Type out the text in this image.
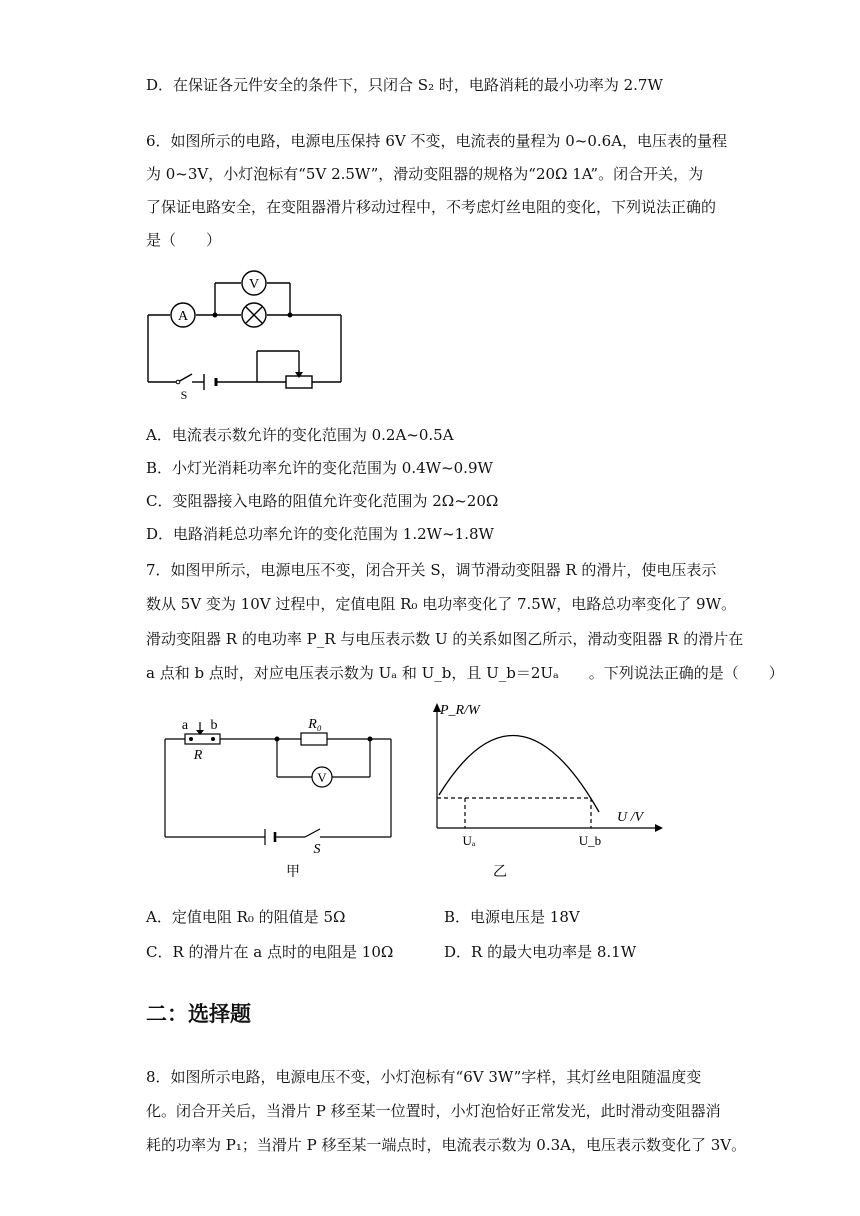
D．在保证各元件安全的条件下，只闭合 S₂ 时，电路消耗的最小功率为 2.7W
6．如图所示的电路，电源电压保持 6V 不变，电流表的量程为 0~0.6A，电压表的量程
为 0~3V，小灯泡标有“5V 2.5W”，滑动变阻器的规格为“20Ω 1A”。闭合开关，为
了保证电路安全，在变阻器滑片移动过程中，不考虑灯丝电阻的变化，下列说法正确的
是（　　）
A
V
S
A．电流表示数允许的变化范围为 0.2A~0.5A
B．小灯光消耗功率允许的变化范围为 0.4W~0.9W
C．变阻器接入电路的阻值允许变化范围为 2Ω~20Ω
D．电路消耗总功率允许的变化范围为 1.2W~1.8W
7．如图甲所示，电源电压不变，闭合开关 S，调节滑动变阻器 R 的滑片，使电压表示
数从 5V 变为 10V 过程中，定值电阻 R₀ 电功率变化了 7.5W，电路总功率变化了 9W。
滑动变阻器 R 的电功率 P_R 与电压表示数 U 的关系如图乙所示，滑动变阻器 R 的滑片在
a 点和 b 点时，对应电压表示数为 Uₐ 和 U_b，且 U_b＝2Uₐ　　。下列说法正确的是（　　）
V
a b
R
R₀
S
甲
P_R/W
U /V
Uₐ	U_b
乙
A．定值电阻 R₀ 的阻值是 5Ω	B．电源电压是 18V
C．R 的滑片在 a 点时的电阻是 10Ω	D．R 的最大电功率是 8.1W
二：选择题
8．如图所示电路，电源电压不变，小灯泡标有“6V 3W”字样，其灯丝电阻随温度变
化。闭合开关后，当滑片 P 移至某一位置时，小灯泡恰好正常发光，此时滑动变阻器消
耗的功率为 P₁；当滑片 P 移至某一端点时，电流表示数为 0.3A，电压表示数变化了 3V。
